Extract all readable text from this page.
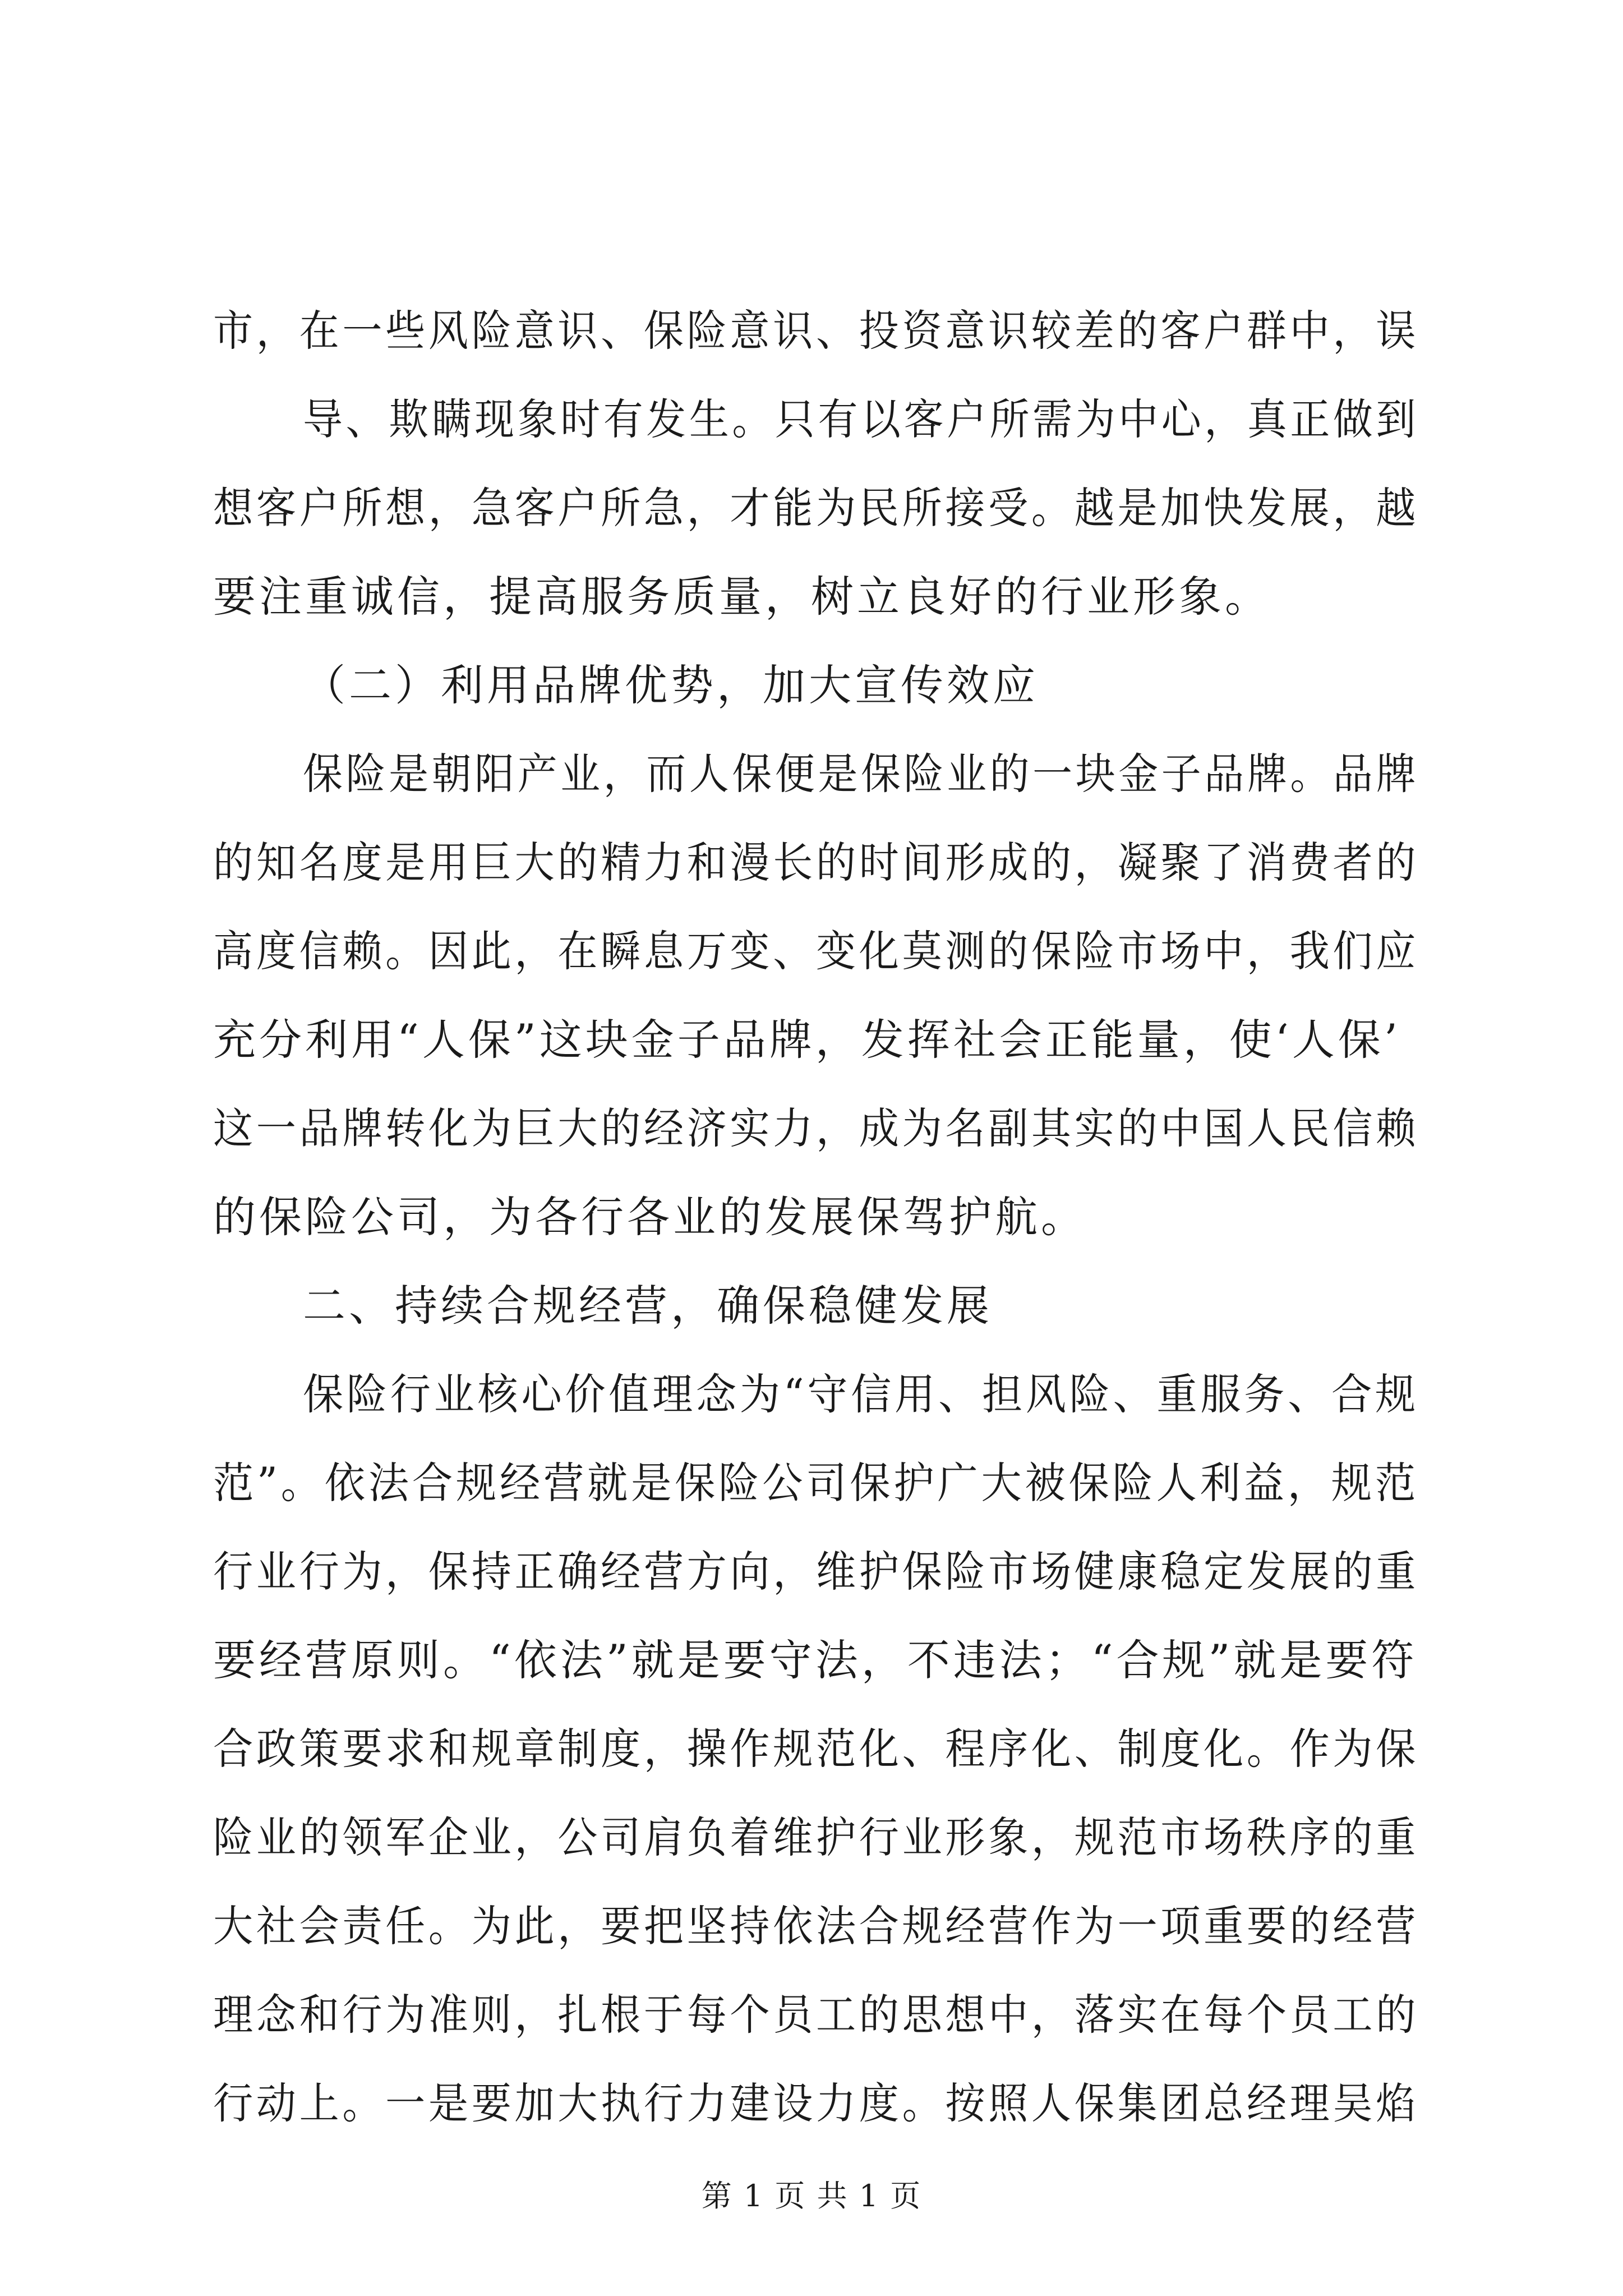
市，在一些风险意识、保险意识、投资意识较差的客户群中，误
导、欺瞒现象时有发生。只有以客户所需为中心，真正做到
想客户所想，急客户所急，才能为民所接受。越是加快发展，越
要注重诚信，提高服务质量，树立良好的行业形象。
（二）利用品牌优势，加大宣传效应
保险是朝阳产业，而人保便是保险业的一块金子品牌。品牌
的知名度是用巨大的精力和漫长的时间形成的，凝聚了消费者的
高度信赖。因此，在瞬息万变、变化莫测的保险市场中，我们应
充分利用“人保”这块金子品牌，发挥社会正能量，使‘人保’
这一品牌转化为巨大的经济实力，成为名副其实的中国人民信赖
的保险公司，为各行各业的发展保驾护航。
二、持续合规经营，确保稳健发展
保险行业核心价值理念为“守信用、担风险、重服务、合规
范”。依法合规经营就是保险公司保护广大被保险人利益，规范
行业行为，保持正确经营方向，维护保险市场健康稳定发展的重
要经营原则。“依法”就是要守法，不违法；“合规”就是要符
合政策要求和规章制度，操作规范化、程序化、制度化。作为保
险业的领军企业，公司肩负着维护行业形象，规范市场秩序的重
大社会责任。为此，要把坚持依法合规经营作为一项重要的经营
理念和行为准则，扎根于每个员工的思想中，落实在每个员工的
行动上。一是要加大执行力建设力度。按照人保集团总经理吴焰
第 1 页 共 1 页
